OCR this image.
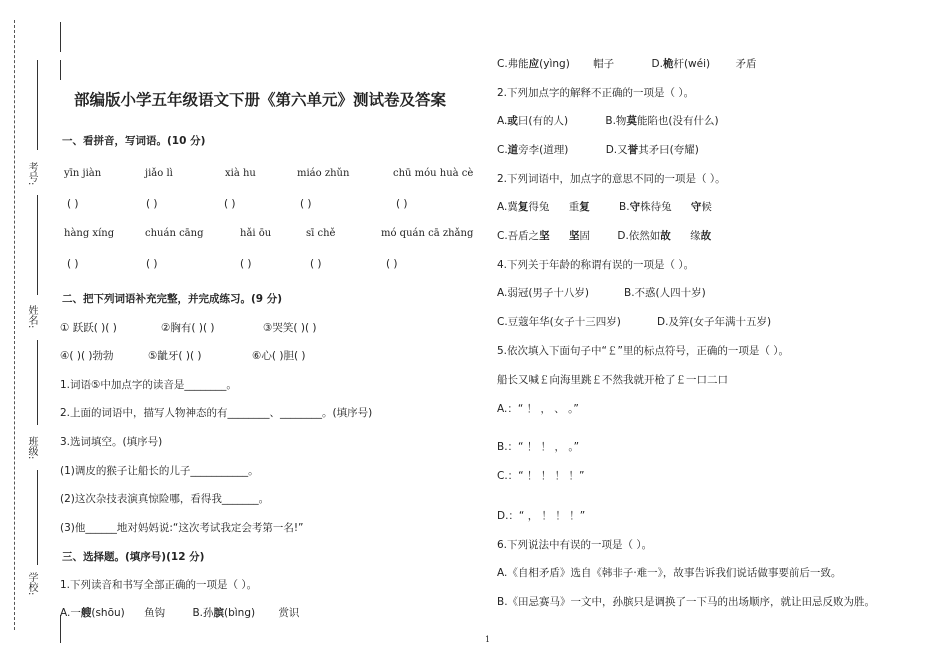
考号:
姓名:
班级:
学校:
部编版小学五年级语文下册《第六单元》测试卷及答案
一、看拼音，写词语。(10 分)
yīn jiàn	jiǎo lì	xià hu	miáo zhǔn	chū móu huà cè
( )	( )	( )	( )	( )
hàng xíng	chuán cāng	hǎi ōu	sī chě	mó quán cā zhǎng
( )	( )	( )	( )	( )
二、把下列词语补充完整，并完成练习。(9 分)
① 跃跃( )( )	②胸有( )( )	③哭笑( )( )
④( )( )勃勃	⑤龇牙( )( )	⑥心( )胆( )
1.词语⑤中加点字的读音是________。
2.上面的词语中，描写人物神态的有________、________。(填序号)
3.选词填空。(填序号)
(1)调皮的猴子让船长的儿子___________。
(2)这次杂技表演真惊险哪，看得我_______。
(3)他______地对妈妈说:“这次考试我定会考第一名!”
三、选择题。(填序号)(12 分)
1.下列读音和书写全部正确的一项是（ ）。
A.一艘(shōu) 鱼钩	B.孙膑(bìng) 赏识
C.弗能应(yìng) 帽子	D.桅杆(wéi) 矛盾
2.下列加点字的解释不正确的一项是（ ）。
A.或曰(有的人)	B.物莫能陷也(没有什么)
C.道旁李(道理)	D.又誉其矛曰(夸耀)
2.下列词语中，加点字的意思不同的一项是（ ）。
A.冀复得兔 重复	B.守株待兔 守候
C.吾盾之坚 坚固	D.依然如故 缘故
4.下列关于年龄的称谓有误的一项是（ ）。
A.弱冠(男子十八岁)	B.不惑(人四十岁)
C.豆蔻年华(女子十三四岁)	D.及笄(女子年满十五岁)
5.依次填入下面句子中“￡”里的标点符号，正确的一项是（ ）。
船长又喊￡向海里跳￡不然我就开枪了￡一口二口
A.：“ ！ ， 、 。”
B.：“ ！ ！ ， 。”
C.：“ ！ ！ ！ ！”
D.：“ ， ！ ！ ！”
6.下列说法中有误的一项是（ ）。
A.《自相矛盾》选自《韩非子·难一》，故事告诉我们说话做事要前后一致。
B.《田忌赛马》一文中，孙膑只是调换了一下马的出场顺序，就让田忌反败为胜。
1
